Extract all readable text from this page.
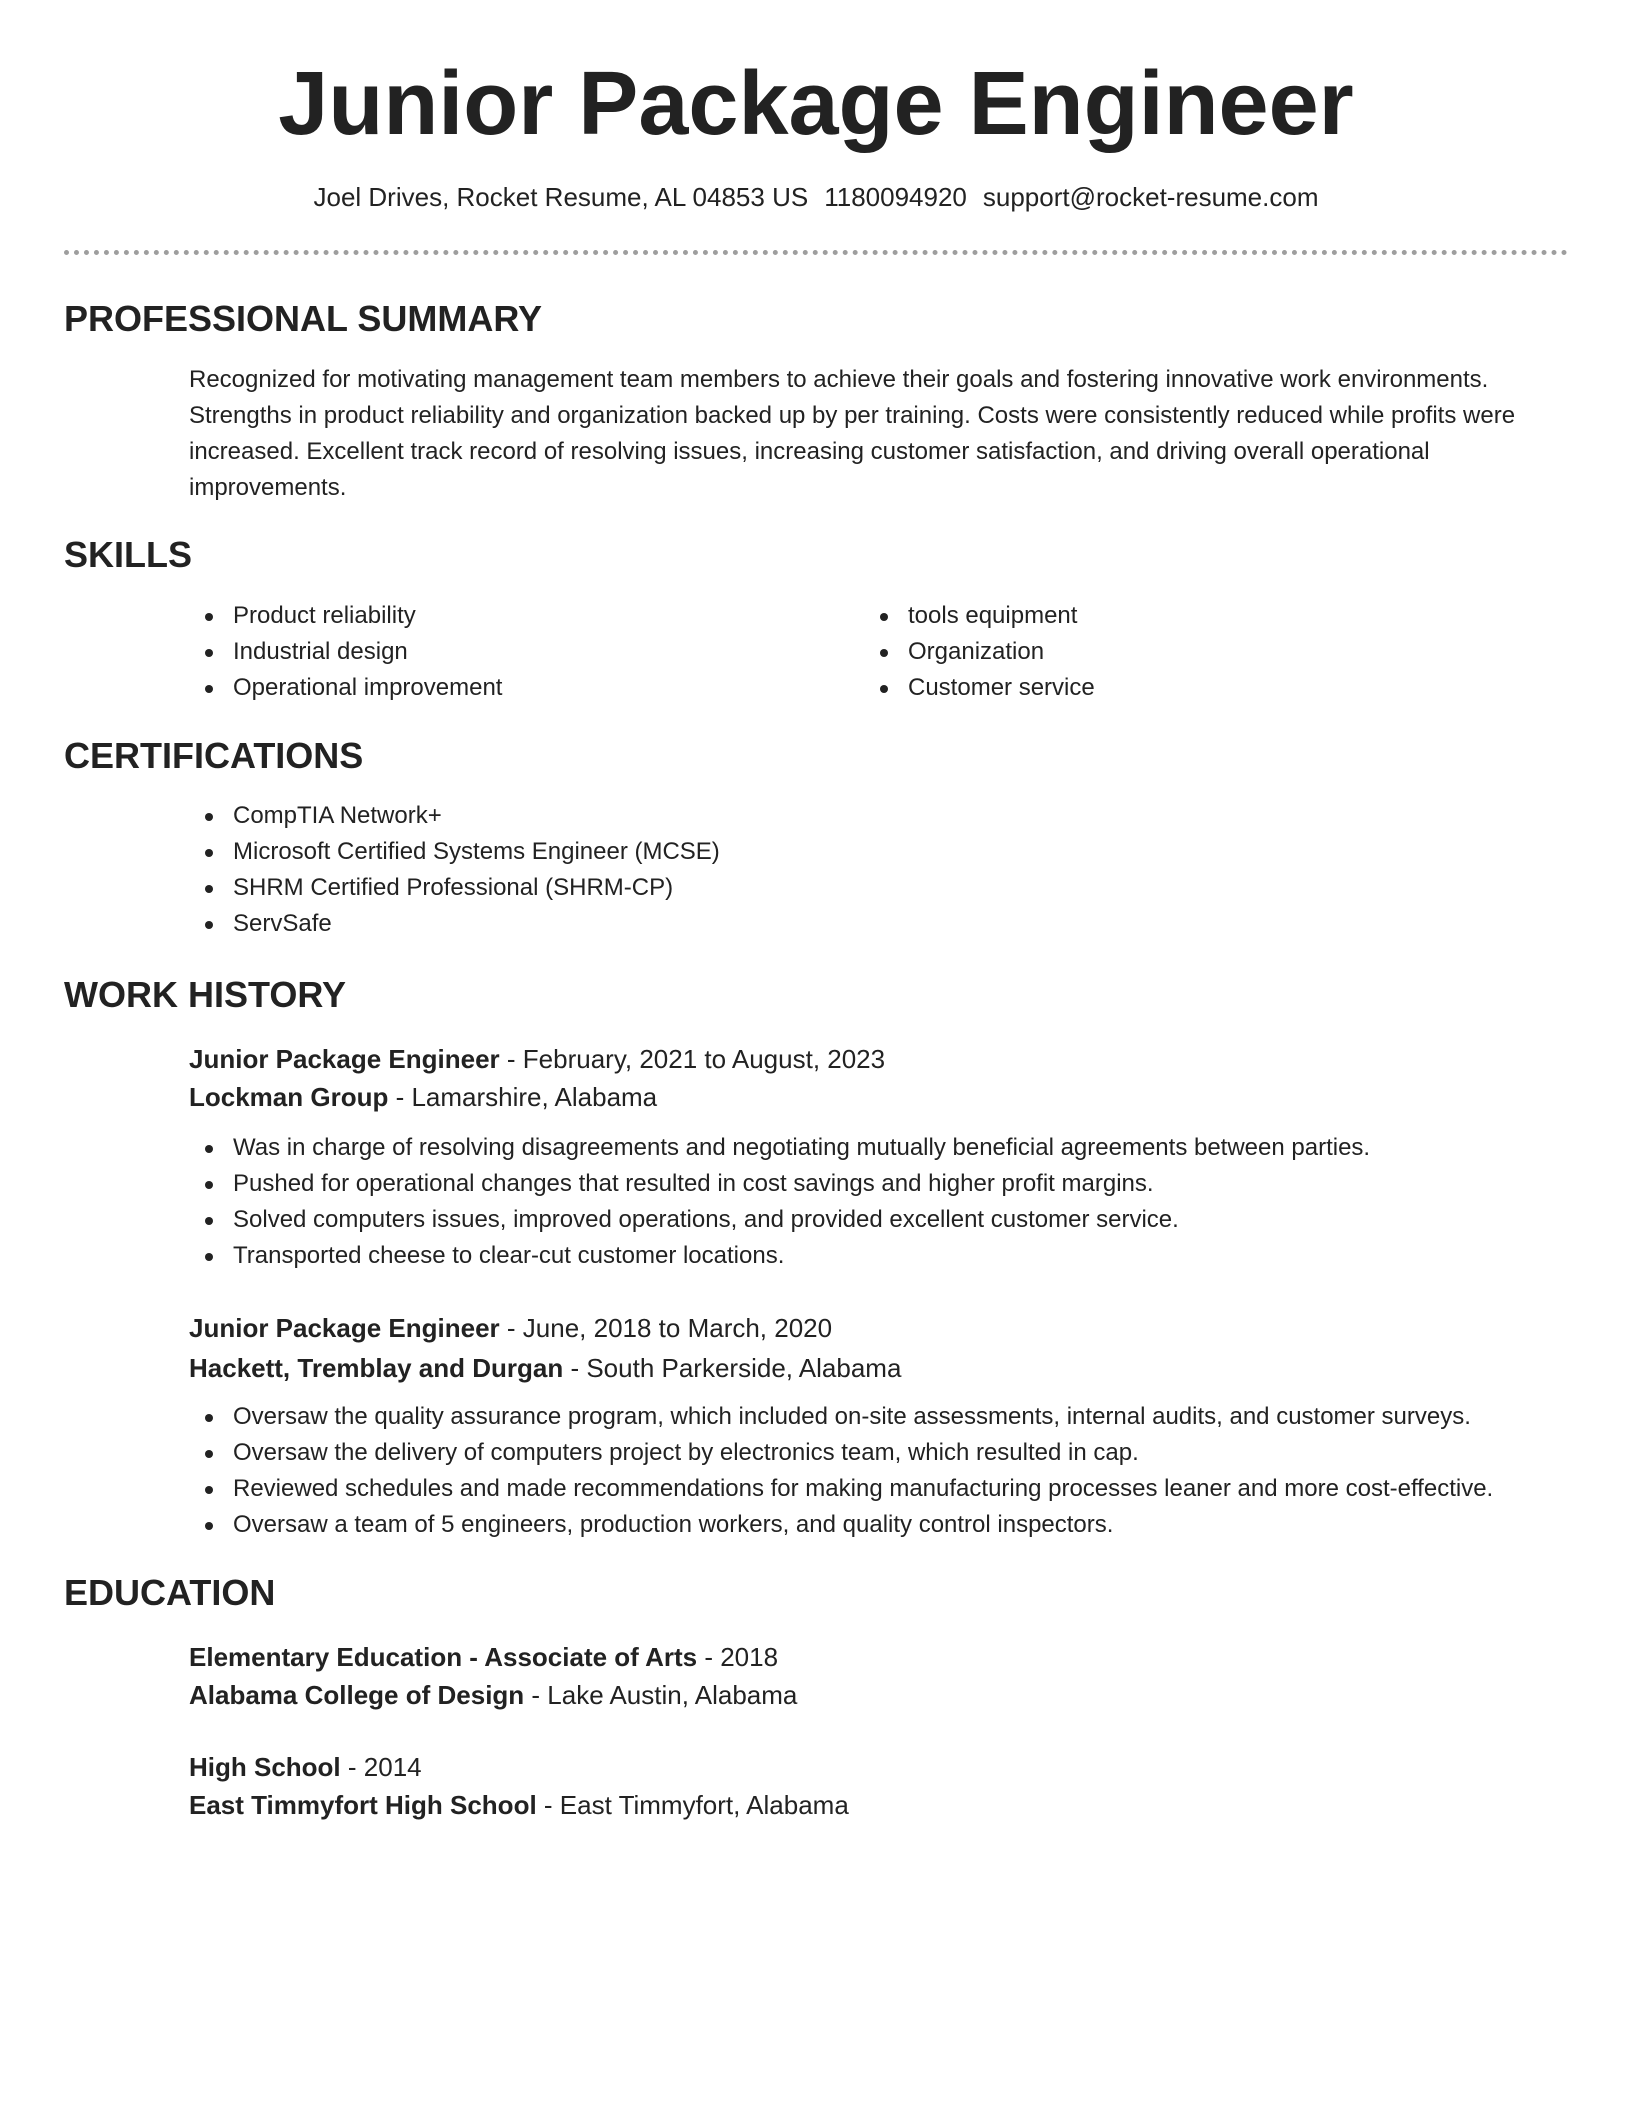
Junior Package Engineer
Joel Drives, Rocket Resume, AL 04853 US 1180094920 support@rocket-resume.com
PROFESSIONAL SUMMARY
Recognized for motivating management team members to achieve their goals and fostering innovative work environments. Strengths in product reliability and organization backed up by per training. Costs were consistently reduced while profits were increased. Excellent track record of resolving issues, increasing customer satisfaction, and driving overall operational improvements.
SKILLS
Product reliability
Industrial design
Operational improvement
tools equipment
Organization
Customer service
CERTIFICATIONS
CompTIA Network+
Microsoft Certified Systems Engineer (MCSE)
SHRM Certified Professional (SHRM-CP)
ServSafe
WORK HISTORY
Junior Package Engineer - February, 2021 to August, 2023
Lockman Group - Lamarshire, Alabama
Was in charge of resolving disagreements and negotiating mutually beneficial agreements between parties.
Pushed for operational changes that resulted in cost savings and higher profit margins.
Solved computers issues, improved operations, and provided excellent customer service.
Transported cheese to clear-cut customer locations.
Junior Package Engineer - June, 2018 to March, 2020
Hackett, Tremblay and Durgan - South Parkerside, Alabama
Oversaw the quality assurance program, which included on-site assessments, internal audits, and customer surveys.
Oversaw the delivery of computers project by electronics team, which resulted in cap.
Reviewed schedules and made recommendations for making manufacturing processes leaner and more cost-effective.
Oversaw a team of 5 engineers, production workers, and quality control inspectors.
EDUCATION
Elementary Education - Associate of Arts - 2018
Alabama College of Design - Lake Austin, Alabama
High School - 2014
East Timmyfort High School - East Timmyfort, Alabama
